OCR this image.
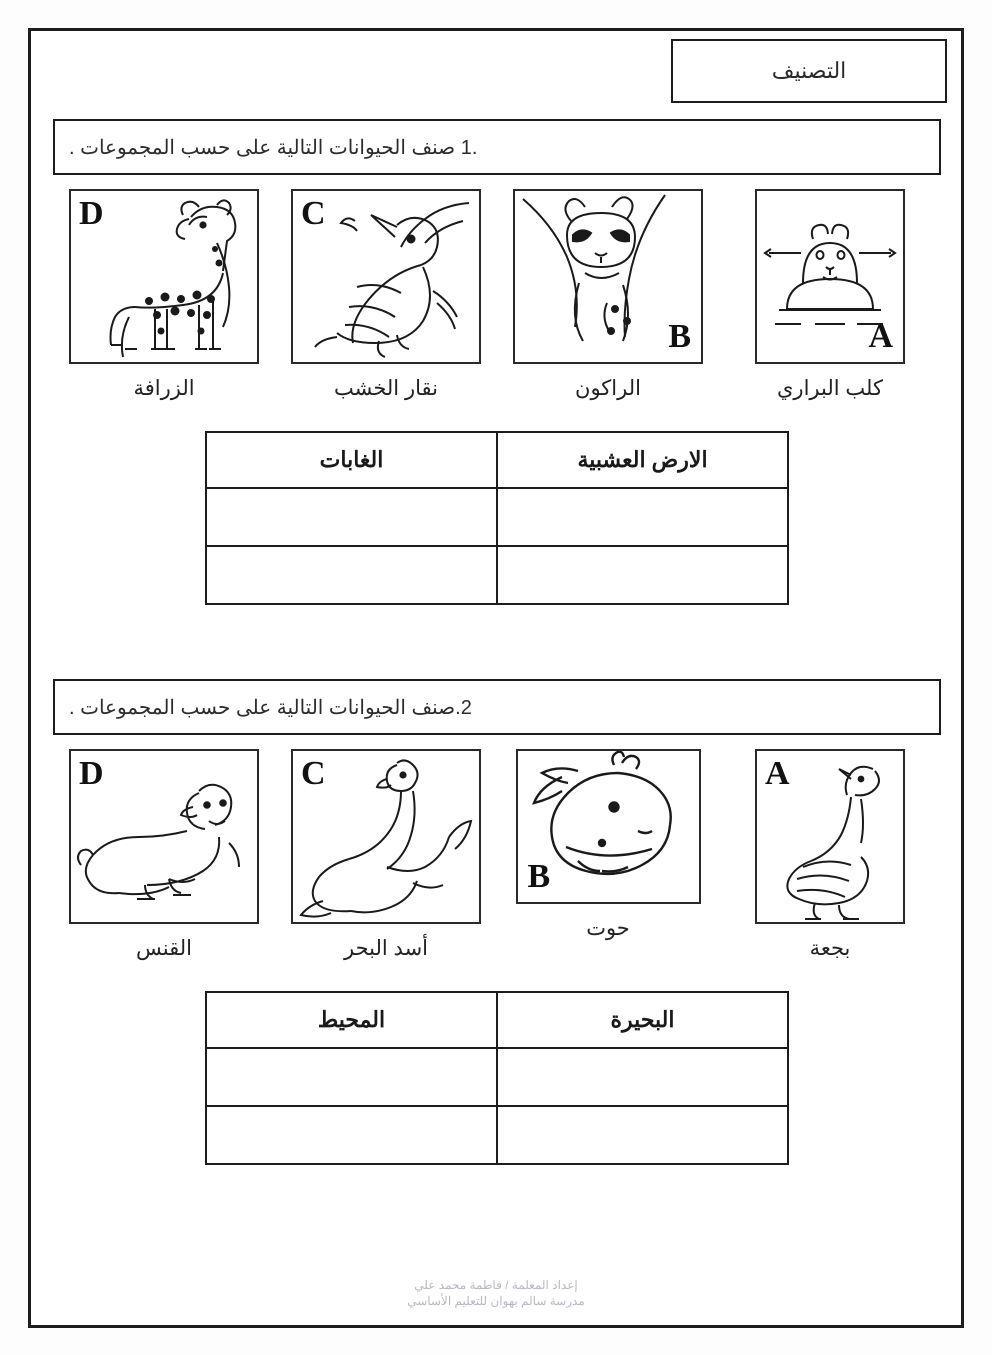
التصنيف
.1 صنف الحيوانات التالية على حسب المجموعات .
A
كلب البراري
B
الراكون
C
نقار الخشب
D
الزرافة
الارض العشبية	الغابات

2.صنف الحيوانات التالية على حسب المجموعات .
A
بجعة
B
حوت
C
أسد البحر
D
القنس
البحيرة	المحيط

إعداد المعلمة / فاطمة محمد علي
مدرسة سالم بهوان للتعليم الأساسي
